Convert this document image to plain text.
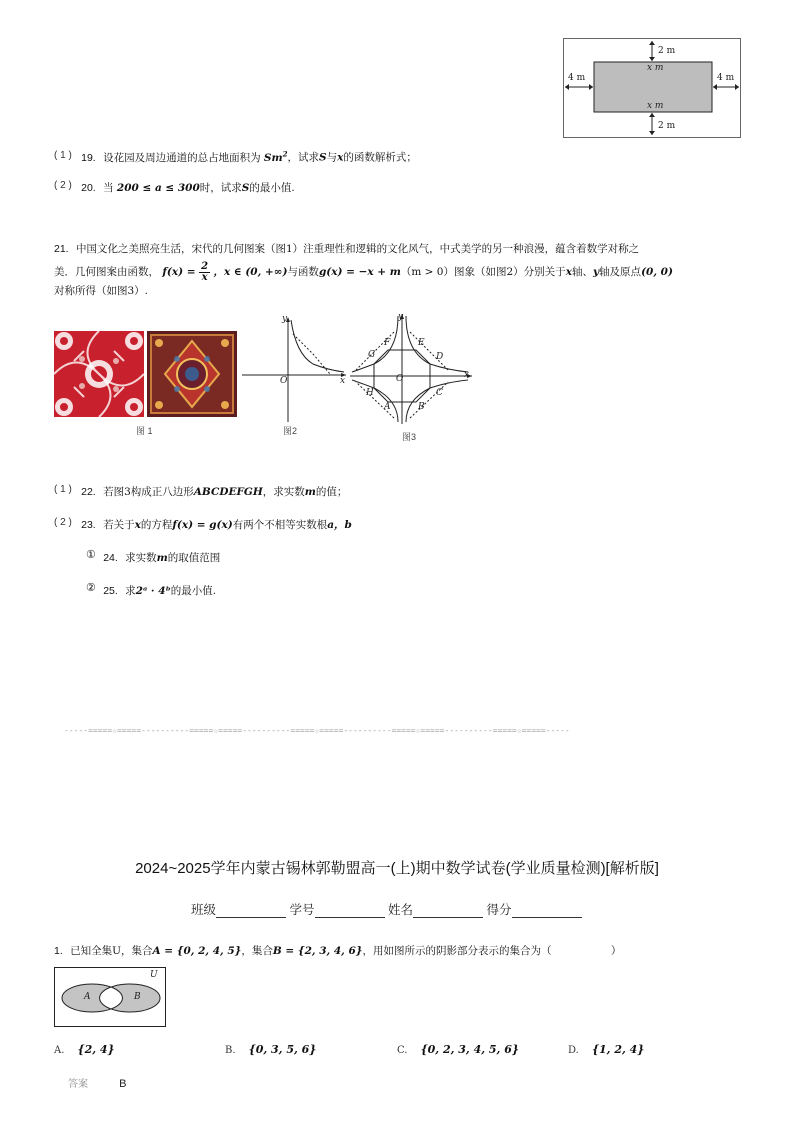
2 m
x m
4 m	4 m
x m
2 m
( 1 ) 19. 设花园及周边通道的总占地面积为 Sm$^2$，试求S与x的函数解析式；
( 2 ) 20. 当 200 ≤ a ≤ 300时，试求S的最小值.
21. 中国文化之美照亮生活，宋代的几何图案（图1）注重理性和逻辑的文化风气，中式美学的另一种浪漫，蕴含着数学对称之
美．几何图案由函数， $f(x) = \frac{2}{x}$ ，x ∈ (0, +∞)与函数g(x) = −x + m（m > 0）图象（如图2）分别关于x轴、y轴及原点(0, 0)
对称所得（如图3）.
图 1
y
O	x
图2
y
O	x
G
F	E
D
H
A	B
C
图3
( 1 ) 22. 若图3构成正八边形ABCDEFGH，求实数m的值；
( 2 ) 23. 若关于x的方程f(x) = g(x)有两个不相等实数根a，b
① 24. 求实数m的取值范围
② 25. 求2ᵃ · 4ᵇ的最小值.
-----=====☆=====----------=====☆=====----------=====☆=====----------=====☆=====----------=====☆=====-----
2024~2025学年内蒙古锡林郭勒盟高一(上)期中数学试卷(学业质量检测)[解析版]
班级	学号	姓名	得分
1. 已知全集U，集合A = {0, 2, 4, 5}，集合B = {2, 3, 4, 6}，用如图所示的阴影部分表示的集合为（	）
U
A	B
A. {2, 4}	B. {0, 3, 5, 6}	C. {0, 2, 3, 4, 5, 6}	D. {1, 2, 4}
答案	B
